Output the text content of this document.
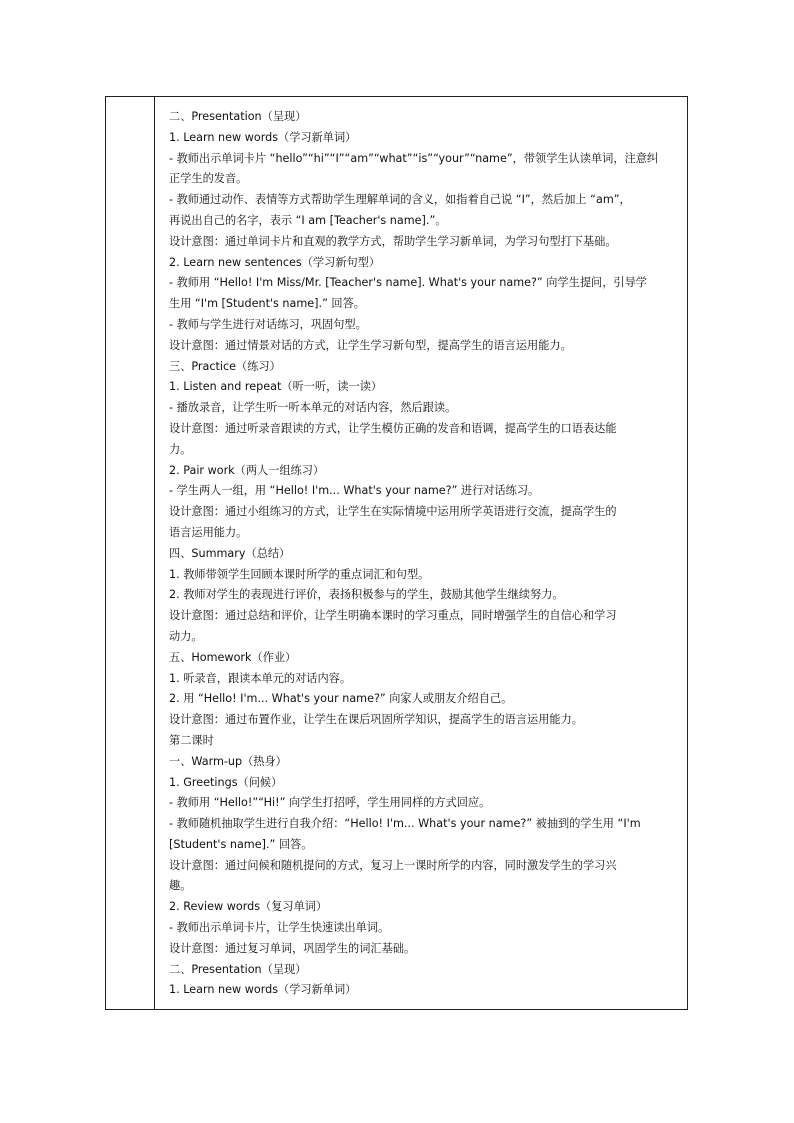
二、Presentation（呈现）
1. Learn new words（学习新单词）
- 教师出示单词卡片 “hello”“hi”“I”“am”“what”“is”“your”“name”，带领学生认读单词，注意纠
正学生的发音。
- 教师通过动作、表情等方式帮助学生理解单词的含义，如指着自己说 “I”，然后加上 “am”，
再说出自己的名字，表示 “I am [Teacher's name].”。
设计意图：通过单词卡片和直观的教学方式，帮助学生学习新单词，为学习句型打下基础。
2. Learn new sentences（学习新句型）
- 教师用 “Hello! I'm Miss/Mr. [Teacher's name]. What's your name?” 向学生提问，引导学
生用 “I'm [Student's name].” 回答。
- 教师与学生进行对话练习，巩固句型。
设计意图：通过情景对话的方式，让学生学习新句型，提高学生的语言运用能力。
三、Practice（练习）
1. Listen and repeat（听一听，读一读）
- 播放录音，让学生听一听本单元的对话内容，然后跟读。
设计意图：通过听录音跟读的方式，让学生模仿正确的发音和语调，提高学生的口语表达能
力。
2. Pair work（两人一组练习）
- 学生两人一组，用 “Hello! I'm... What's your name?” 进行对话练习。
设计意图：通过小组练习的方式，让学生在实际情境中运用所学英语进行交流，提高学生的
语言运用能力。
四、Summary（总结）
1. 教师带领学生回顾本课时所学的重点词汇和句型。
2. 教师对学生的表现进行评价，表扬积极参与的学生，鼓励其他学生继续努力。
设计意图：通过总结和评价，让学生明确本课时的学习重点，同时增强学生的自信心和学习
动力。
五、Homework（作业）
1. 听录音，跟读本单元的对话内容。
2. 用 “Hello! I'm... What's your name?” 向家人或朋友介绍自己。
设计意图：通过布置作业，让学生在课后巩固所学知识，提高学生的语言运用能力。
第二课时
一、Warm-up（热身）
1. Greetings（问候）
- 教师用 “Hello!”“Hi!” 向学生打招呼，学生用同样的方式回应。
- 教师随机抽取学生进行自我介绍：“Hello! I'm... What's your name?” 被抽到的学生用 “I'm
[Student's name].” 回答。
设计意图：通过问候和随机提问的方式，复习上一课时所学的内容，同时激发学生的学习兴
趣。
2. Review words（复习单词）
- 教师出示单词卡片，让学生快速读出单词。
设计意图：通过复习单词，巩固学生的词汇基础。
二、Presentation（呈现）
1. Learn new words（学习新单词）
